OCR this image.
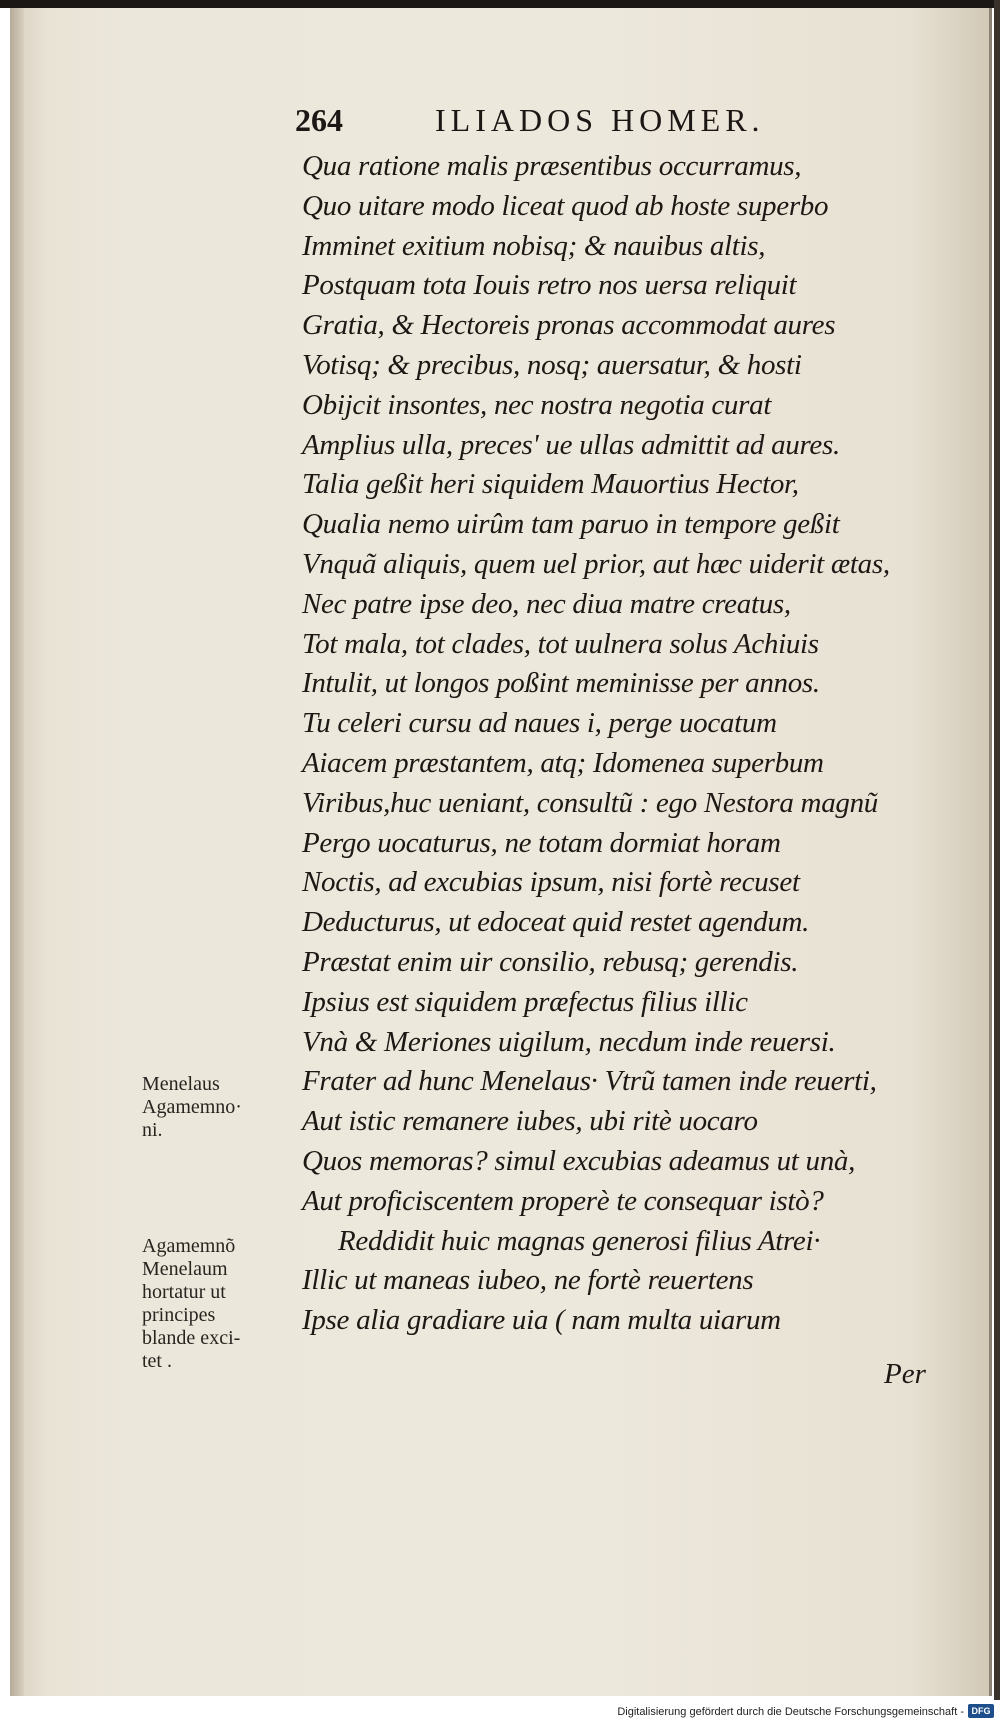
264	ILIADOS HOMER.
Qua ratione malis præsentibus occurramus,
Quo uitare modo liceat quod ab hoste superbo
Imminet exitium nobisq; & nauibus altis,
Postquam tota Iouis retro nos uersa reliquit
Gratia, & Hectoreis pronas accommodat aures
Votisq; & precibus, nosq; auersatur, & hosti
Obijcit insontes, nec nostra negotia curat
Amplius ulla, preces' ue ullas admittit ad aures.
Talia geßit heri siquidem Mauortius Hector,
Qualia nemo uirûm tam paruo in tempore geßit
Vnquã aliquis, quem uel prior, aut hæc uiderit ætas,
Nec patre ipse deo, nec diua matre creatus,
Tot mala, tot clades, tot uulnera solus Achiuis
Intulit, ut longos poßint meminisse per annos.
Tu celeri cursu ad naues i, perge uocatum
Aiacem præstantem, atq; Idomenea superbum
Viribus,huc ueniant, consultũ : ego Nestora magnũ
Pergo uocaturus, ne totam dormiat horam
Noctis, ad excubias ipsum, nisi fortè recuset
Deducturus, ut edoceat quid restet agendum.
Præstat enim uir consilio, rebusq; gerendis.
Ipsius est siquidem præfectus filius illic
Vnà & Meriones uigilum, necdum inde reuersi.
Frater ad hunc Menelaus· Vtrũ tamen inde reuerti,
Aut istic remanere iubes, ubi ritè uocaro
Quos memoras? simul excubias adeamus ut unà,
Aut proficiscentem properè te consequar istò?
Reddidit huic magnas generosi filius Atrei·
Illic ut maneas iubeo, ne fortè reuertens
Ipse alia gradiare uia ( nam multa uiarum
Menelaus
Agamemno·
ni.
Agamemnõ
Menelaum
hortatur ut
principes
blande exci-
tet .	Per
Digitalisierung gefördert durch die Deutsche Forschungsgemeinschaft - DFG
